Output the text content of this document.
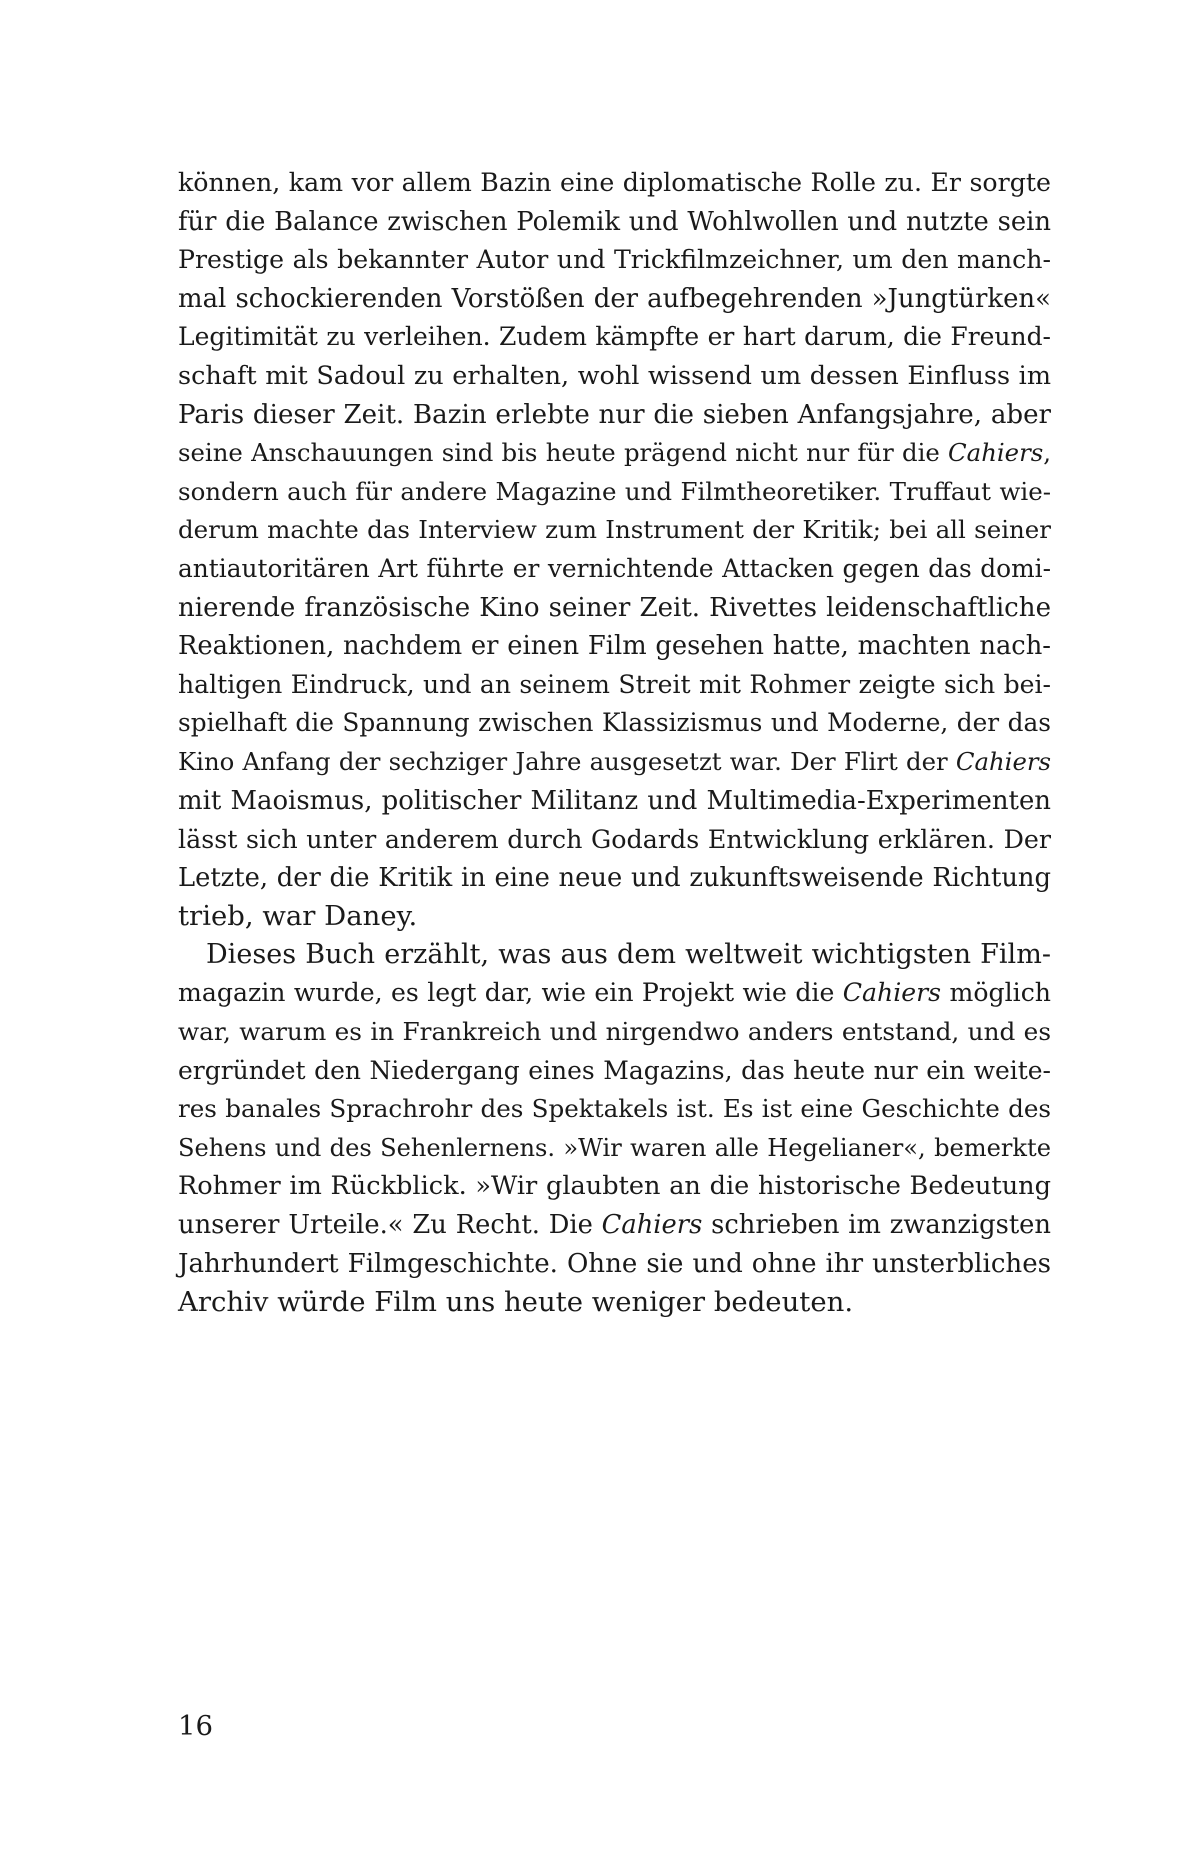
können, kam vor allem Bazin eine diplomatische Rolle zu. Er sorgte
für die Balance zwischen Polemik und Wohlwollen und nutzte sein
Prestige als bekannter Autor und Trickfilmzeichner, um den manch-
mal schockierenden Vorstößen der aufbegehrenden »Jungtürken«
Legitimität zu verleihen. Zudem kämpfte er hart darum, die Freund-
schaft mit Sadoul zu erhalten, wohl wissend um dessen Einfluss im
Paris dieser Zeit. Bazin erlebte nur die sieben Anfangsjahre, aber
seine Anschauungen sind bis heute prägend nicht nur für die Cahiers,
sondern auch für andere Magazine und Filmtheoretiker. Truffaut wie-
derum machte das Interview zum Instrument der Kritik; bei all seiner
antiautoritären Art führte er vernichtende Attacken gegen das domi-
nierende französische Kino seiner Zeit. Rivettes leidenschaftliche
Reaktionen, nachdem er einen Film gesehen hatte, machten nach-
haltigen Eindruck, und an seinem Streit mit Rohmer zeigte sich bei-
spielhaft die Spannung zwischen Klassizismus und Moderne, der das
Kino Anfang der sechziger Jahre ausgesetzt war. Der Flirt der Cahiers
mit Maoismus, politischer Militanz und Multimedia-Experimenten
lässt sich unter anderem durch Godards Entwicklung erklären. Der
Letzte, der die Kritik in eine neue und zukunftsweisende Richtung
trieb, war Daney.
Dieses Buch erzählt, was aus dem weltweit wichtigsten Film-
magazin wurde, es legt dar, wie ein Projekt wie die Cahiers möglich
war, warum es in Frankreich und nirgendwo anders entstand, und es
ergründet den Niedergang eines Magazins, das heute nur ein weite-
res banales Sprachrohr des Spektakels ist. Es ist eine Geschichte des
Sehens und des Sehenlernens. »Wir waren alle Hegelianer«, bemerkte
Rohmer im Rückblick. »Wir glaubten an die historische Bedeutung
unserer Urteile.« Zu Recht. Die Cahiers schrieben im zwanzigsten
Jahrhundert Filmgeschichte. Ohne sie und ohne ihr unsterbliches
Archiv würde Film uns heute weniger bedeuten.
16
